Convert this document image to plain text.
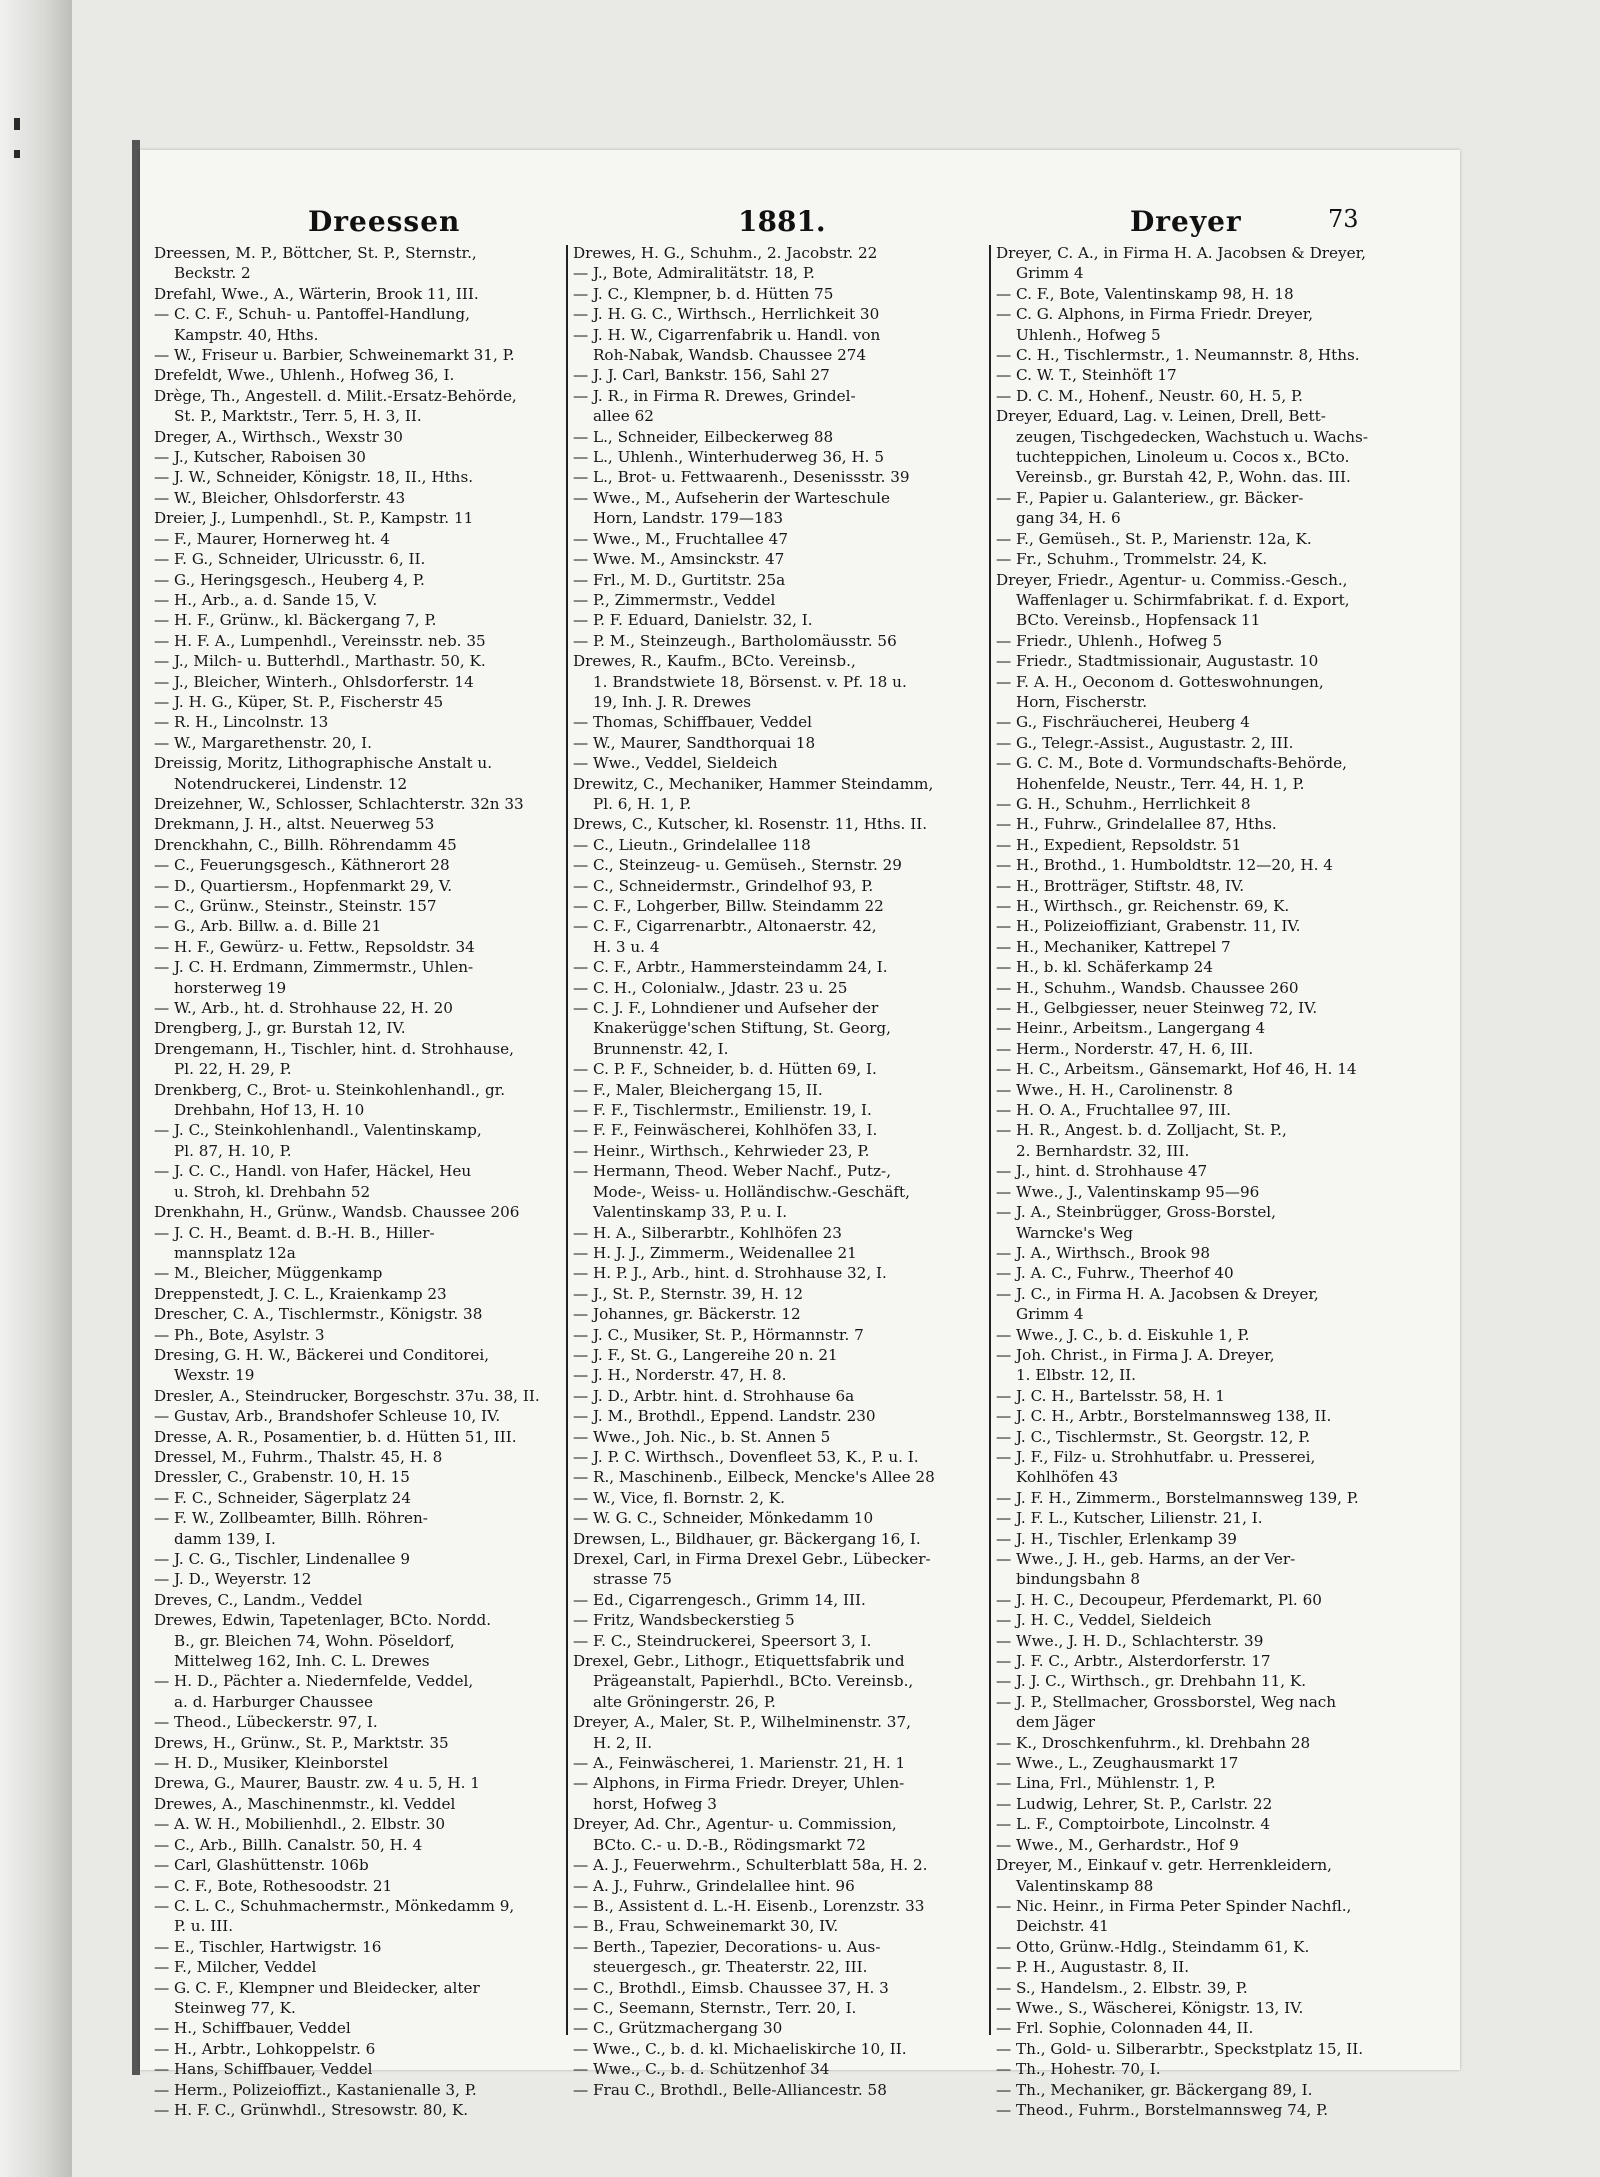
Dreessen	1881.	Dreyer	73
Dreessen, M. P., Böttcher, St. P., Sternstr.,
Beckstr. 2
Drefahl, Wwe., A., Wärterin, Brook 11, III.
— C. C. F., Schuh- u. Pantoffel-Handlung,
Kampstr. 40, Hths.
— W., Friseur u. Barbier, Schweinemarkt 31, P.
Drefeldt, Wwe., Uhlenh., Hofweg 36, I.
Drège, Th., Angestell. d. Milit.-Ersatz-Behörde,
St. P., Marktstr., Terr. 5, H. 3, II.
Dreger, A., Wirthsch., Wexstr 30
— J., Kutscher, Raboisen 30
— J. W., Schneider, Königstr. 18, II., Hths.
— W., Bleicher, Ohlsdorferstr. 43
Dreier, J., Lumpenhdl., St. P., Kampstr. 11
— F., Maurer, Hornerweg ht. 4
— F. G., Schneider, Ulricusstr. 6, II.
— G., Heringsgesch., Heuberg 4, P.
— H., Arb., a. d. Sande 15, V.
— H. F., Grünw., kl. Bäckergang 7, P.
— H. F. A., Lumpenhdl., Vereinsstr. neb. 35
— J., Milch- u. Butterhdl., Marthastr. 50, K.
— J., Bleicher, Winterh., Ohlsdorferstr. 14
— J. H. G., Küper, St. P., Fischerstr 45
— R. H., Lincolnstr. 13
— W., Margarethenstr. 20, I.
Dreissig, Moritz, Lithographische Anstalt u.
Notendruckerei, Lindenstr. 12
Dreizehner, W., Schlosser, Schlachterstr. 32n 33
Drekmann, J. H., altst. Neuerweg 53
Drenckhahn, C., Billh. Röhrendamm 45
— C., Feuerungsgesch., Käthnerort 28
— D., Quartiersm., Hopfenmarkt 29, V.
— C., Grünw., Steinstr., Steinstr. 157
— G., Arb. Billw. a. d. Bille 21
— H. F., Gewürz- u. Fettw., Repsoldstr. 34
— J. C. H. Erdmann, Zimmermstr., Uhlen-
horsterweg 19
— W., Arb., ht. d. Strohhause 22, H. 20
Drengberg, J., gr. Burstah 12, IV.
Drengemann, H., Tischler, hint. d. Strohhause,
Pl. 22, H. 29, P.
Drenkberg, C., Brot- u. Steinkohlenhandl., gr.
Drehbahn, Hof 13, H. 10
— J. C., Steinkohlenhandl., Valentinskamp,
Pl. 87, H. 10, P.
— J. C. C., Handl. von Hafer, Häckel, Heu
u. Stroh, kl. Drehbahn 52
Drenkhahn, H., Grünw., Wandsb. Chaussee 206
— J. C. H., Beamt. d. B.-H. B., Hiller-
mannsplatz 12a
— M., Bleicher, Müggenkamp
Dreppenstedt, J. C. L., Kraienkamp 23
Drescher, C. A., Tischlermstr., Königstr. 38
— Ph., Bote, Asylstr. 3
Dresing, G. H. W., Bäckerei und Conditorei,
Wexstr. 19
Dresler, A., Steindrucker, Borgeschstr. 37u. 38, II.
— Gustav, Arb., Brandshofer Schleuse 10, IV.
Dresse, A. R., Posamentier, b. d. Hütten 51, III.
Dressel, M., Fuhrm., Thalstr. 45, H. 8
Dressler, C., Grabenstr. 10, H. 15
— F. C., Schneider, Sägerplatz 24
— F. W., Zollbeamter, Billh. Röhren-
damm 139, I.
— J. C. G., Tischler, Lindenallee 9
— J. D., Weyerstr. 12
Dreves, C., Landm., Veddel
Drewes, Edwin, Tapetenlager, BCto. Nordd.
B., gr. Bleichen 74, Wohn. Pöseldorf,
Mittelweg 162, Inh. C. L. Drewes
— H. D., Pächter a. Niedernfelde, Veddel,
a. d. Harburger Chaussee
— Theod., Lübeckerstr. 97, I.
Drews, H., Grünw., St. P., Marktstr. 35
— H. D., Musiker, Kleinborstel
Drewa, G., Maurer, Baustr. zw. 4 u. 5, H. 1
Drewes, A., Maschinenmstr., kl. Veddel
— A. W. H., Mobilienhdl., 2. Elbstr. 30
— C., Arb., Billh. Canalstr. 50, H. 4
— Carl, Glashüttenstr. 106b
— C. F., Bote, Rothesoodstr. 21
— C. L. C., Schuhmachermstr., Mönkedamm 9,
P. u. III.
— E., Tischler, Hartwigstr. 16
— F., Milcher, Veddel
— G. C. F., Klempner und Bleidecker, alter
Steinweg 77, K.
— H., Schiffbauer, Veddel
— H., Arbtr., Lohkoppelstr. 6
— Hans, Schiffbauer, Veddel
— Herm., Polizeioffizt., Kastanienalle 3, P.
— H. F. C., Grünwhdl., Stresowstr. 80, K.
Drewes, H. G., Schuhm., 2. Jacobstr. 22
— J., Bote, Admiralitätstr. 18, P.
— J. C., Klempner, b. d. Hütten 75
— J. H. G. C., Wirthsch., Herrlichkeit 30
— J. H. W., Cigarrenfabrik u. Handl. von
Roh-Nabak, Wandsb. Chaussee 274
— J. J. Carl, Bankstr. 156, Sahl 27
— J. R., in Firma R. Drewes, Grindel-
allee 62
— L., Schneider, Eilbeckerweg 88
— L., Uhlenh., Winterhuderweg 36, H. 5
— L., Brot- u. Fettwaarenh., Desenissstr. 39
— Wwe., M., Aufseherin der Warteschule
Horn, Landstr. 179—183
— Wwe., M., Fruchtallee 47
— Wwe. M., Amsinckstr. 47
— Frl., M. D., Gurtitstr. 25a
— P., Zimmermstr., Veddel
— P. F. Eduard, Danielstr. 32, I.
— P. M., Steinzeugh., Bartholomäusstr. 56
Drewes, R., Kaufm., BCto. Vereinsb.,
1. Brandstwiete 18, Börsenst. v. Pf. 18 u.
19, Inh. J. R. Drewes
— Thomas, Schiffbauer, Veddel
— W., Maurer, Sandthorquai 18
— Wwe., Veddel, Sieldeich
Drewitz, C., Mechaniker, Hammer Steindamm,
Pl. 6, H. 1, P.
Drews, C., Kutscher, kl. Rosenstr. 11, Hths. II.
— C., Lieutn., Grindelallee 118
— C., Steinzeug- u. Gemüseh., Sternstr. 29
— C., Schneidermstr., Grindelhof 93, P.
— C. F., Lohgerber, Billw. Steindamm 22
— C. F., Cigarrenarbtr., Altonaerstr. 42,
H. 3 u. 4
— C. F., Arbtr., Hammersteindamm 24, I.
— C. H., Colonialw., Jdastr. 23 u. 25
— C. J. F., Lohndiener und Aufseher der
Knakerügge'schen Stiftung, St. Georg,
Brunnenstr. 42, I.
— C. P. F., Schneider, b. d. Hütten 69, I.
— F., Maler, Bleichergang 15, II.
— F. F., Tischlermstr., Emilienstr. 19, I.
— F. F., Feinwäscherei, Kohlhöfen 33, I.
— Heinr., Wirthsch., Kehrwieder 23, P.
— Hermann, Theod. Weber Nachf., Putz-,
Mode-, Weiss- u. Holländischw.-Geschäft,
Valentinskamp 33, P. u. I.
— H. A., Silberarbtr., Kohlhöfen 23
— H. J. J., Zimmerm., Weidenallee 21
— H. P. J., Arb., hint. d. Strohhause 32, I.
— J., St. P., Sternstr. 39, H. 12
— Johannes, gr. Bäckerstr. 12
— J. C., Musiker, St. P., Hörmannstr. 7
— J. F., St. G., Langereihe 20 n. 21
— J. H., Norderstr. 47, H. 8.
— J. D., Arbtr. hint. d. Strohhause 6a
— J. M., Brothdl., Eppend. Landstr. 230
— Wwe., Joh. Nic., b. St. Annen 5
— J. P. C. Wirthsch., Dovenfleet 53, K., P. u. I.
— R., Maschinenb., Eilbeck, Mencke's Allee 28
— W., Vice, fl. Bornstr. 2, K.
— W. G. C., Schneider, Mönkedamm 10
Drewsen, L., Bildhauer, gr. Bäckergang 16, I.
Drexel, Carl, in Firma Drexel Gebr., Lübecker-
strasse 75
— Ed., Cigarrengesch., Grimm 14, III.
— Fritz, Wandsbeckerstieg 5
— F. C., Steindruckerei, Speersort 3, I.
Drexel, Gebr., Lithogr., Etiquettsfabrik und
Prägeanstalt, Papierhdl., BCto. Vereinsb.,
alte Gröningerstr. 26, P.
Dreyer, A., Maler, St. P., Wilhelminenstr. 37,
H. 2, II.
— A., Feinwäscherei, 1. Marienstr. 21, H. 1
— Alphons, in Firma Friedr. Dreyer, Uhlen-
horst, Hofweg 3
Dreyer, Ad. Chr., Agentur- u. Commission,
BCto. C.- u. D.-B., Rödingsmarkt 72
— A. J., Feuerwehrm., Schulterblatt 58a, H. 2.
— A. J., Fuhrw., Grindelallee hint. 96
— B., Assistent d. L.-H. Eisenb., Lorenzstr. 33
— B., Frau, Schweinemarkt 30, IV.
— Berth., Tapezier, Decorations- u. Aus-
steuergesch., gr. Theaterstr. 22, III.
— C., Brothdl., Eimsb. Chaussee 37, H. 3
— C., Seemann, Sternstr., Terr. 20, I.
— C., Grützmachergang 30
— Wwe., C., b. d. kl. Michaeliskirche 10, II.
— Wwe., C., b. d. Schützenhof 34
— Frau C., Brothdl., Belle-Alliancestr. 58
Dreyer, C. A., in Firma H. A. Jacobsen & Dreyer,
Grimm 4
— C. F., Bote, Valentinskamp 98, H. 18
— C. G. Alphons, in Firma Friedr. Dreyer,
Uhlenh., Hofweg 5
— C. H., Tischlermstr., 1. Neumannstr. 8, Hths.
— C. W. T., Steinhöft 17
— D. C. M., Hohenf., Neustr. 60, H. 5, P.
Dreyer, Eduard, Lag. v. Leinen, Drell, Bett-
zeugen, Tischgedecken, Wachstuch u. Wachs-
tuchteppichen, Linoleum u. Cocos x., BCto.
Vereinsb., gr. Burstah 42, P., Wohn. das. III.
— F., Papier u. Galanteriew., gr. Bäcker-
gang 34, H. 6
— F., Gemüseh., St. P., Marienstr. 12a, K.
— Fr., Schuhm., Trommelstr. 24, K.
Dreyer, Friedr., Agentur- u. Commiss.-Gesch.,
Waffenlager u. Schirmfabrikat. f. d. Export,
BCto. Vereinsb., Hopfensack 11
— Friedr., Uhlenh., Hofweg 5
— Friedr., Stadtmissionair, Augustastr. 10
— F. A. H., Oeconom d. Gotteswohnungen,
Horn, Fischerstr.
— G., Fischräucherei, Heuberg 4
— G., Telegr.-Assist., Augustastr. 2, III.
— G. C. M., Bote d. Vormundschafts-Behörde,
Hohenfelde, Neustr., Terr. 44, H. 1, P.
— G. H., Schuhm., Herrlichkeit 8
— H., Fuhrw., Grindelallee 87, Hths.
— H., Expedient, Repsoldstr. 51
— H., Brothd., 1. Humboldtstr. 12—20, H. 4
— H., Brotträger, Stiftstr. 48, IV.
— H., Wirthsch., gr. Reichenstr. 69, K.
— H., Polizeioffiziant, Grabenstr. 11, IV.
— H., Mechaniker, Kattrepel 7
— H., b. kl. Schäferkamp 24
— H., Schuhm., Wandsb. Chaussee 260
— H., Gelbgiesser, neuer Steinweg 72, IV.
— Heinr., Arbeitsm., Langergang 4
— Herm., Norderstr. 47, H. 6, III.
— H. C., Arbeitsm., Gänsemarkt, Hof 46, H. 14
— Wwe., H. H., Carolinenstr. 8
— H. O. A., Fruchtallee 97, III.
— H. R., Angest. b. d. Zolljacht, St. P.,
2. Bernhardstr. 32, III.
— J., hint. d. Strohhause 47
— Wwe., J., Valentinskamp 95—96
— J. A., Steinbrügger, Gross-Borstel,
Warncke's Weg
— J. A., Wirthsch., Brook 98
— J. A. C., Fuhrw., Theerhof 40
— J. C., in Firma H. A. Jacobsen & Dreyer,
Grimm 4
— Wwe., J. C., b. d. Eiskuhle 1, P.
— Joh. Christ., in Firma J. A. Dreyer,
1. Elbstr. 12, II.
— J. C. H., Bartelsstr. 58, H. 1
— J. C. H., Arbtr., Borstelmannsweg 138, II.
— J. C., Tischlermstr., St. Georgstr. 12, P.
— J. F., Filz- u. Strohhutfabr. u. Presserei,
Kohlhöfen 43
— J. F. H., Zimmerm., Borstelmannsweg 139, P.
— J. F. L., Kutscher, Lilienstr. 21, I.
— J. H., Tischler, Erlenkamp 39
— Wwe., J. H., geb. Harms, an der Ver-
bindungsbahn 8
— J. H. C., Decoupeur, Pferdemarkt, Pl. 60
— J. H. C., Veddel, Sieldeich
— Wwe., J. H. D., Schlachterstr. 39
— J. F. C., Arbtr., Alsterdorferstr. 17
— J. J. C., Wirthsch., gr. Drehbahn 11, K.
— J. P., Stellmacher, Grossborstel, Weg nach
dem Jäger
— K., Droschkenfuhrm., kl. Drehbahn 28
— Wwe., L., Zeughausmarkt 17
— Lina, Frl., Mühlenstr. 1, P.
— Ludwig, Lehrer, St. P., Carlstr. 22
— L. F., Comptoirbote, Lincolnstr. 4
— Wwe., M., Gerhardstr., Hof 9
Dreyer, M., Einkauf v. getr. Herrenkleidern,
Valentinskamp 88
— Nic. Heinr., in Firma Peter Spinder Nachfl.,
Deichstr. 41
— Otto, Grünw.-Hdlg., Steindamm 61, K.
— P. H., Augustastr. 8, II.
— S., Handelsm., 2. Elbstr. 39, P.
— Wwe., S., Wäscherei, Königstr. 13, IV.
— Frl. Sophie, Colonnaden 44, II.
— Th., Gold- u. Silberarbtr., Speckstplatz 15, II.
— Th., Hohestr. 70, I.
— Th., Mechaniker, gr. Bäckergang 89, I.
— Theod., Fuhrm., Borstelmannsweg 74, P.
